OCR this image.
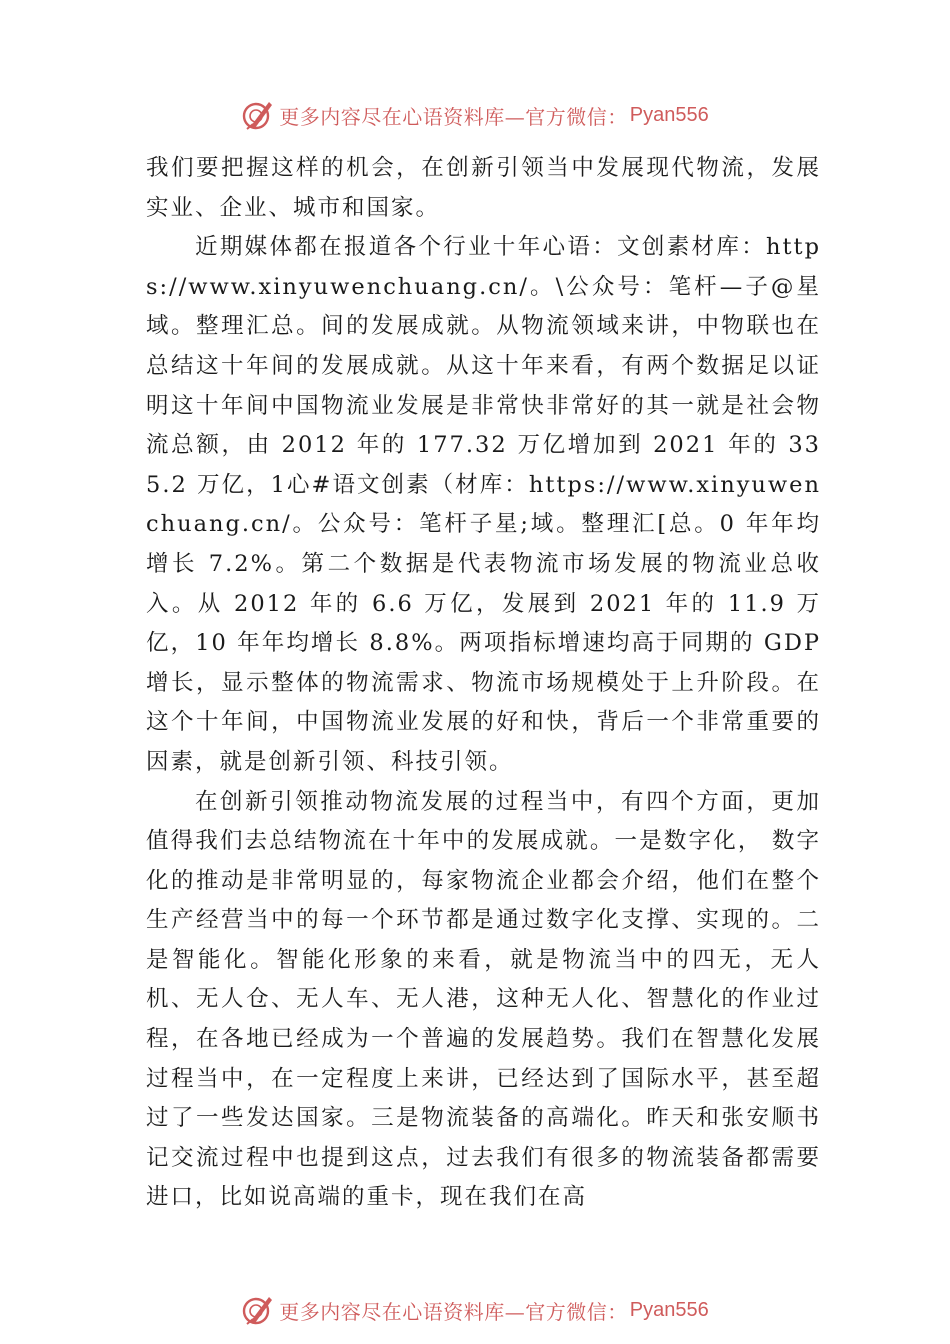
更多内容尽在心语资料库—官方微信： Pyan556

我们要把握这样的机会，在创新引领当中发展现代物流，发展实业、企业、城市和国家。

近期媒体都在报道各个行业十年心语：文创素材库：https://www.xinyuwenchuang.cn/。\公众号：笔杆—子@星域。整理汇总。间的发展成就。从物流领域来讲，中物联也在总结这十年间的发展成就。从这十年来看，有两个数据足以证明这十年间中国物流业发展是非常快非常好的其一就是社会物流总额，由 2012 年的 177.32 万亿增加到 2021 年的 335.2 万亿，1心#语文创素（材库：https://www.xinyuwenchuang.cn/。公众号：笔杆子星;域。整理汇[总。0 年年均增长 7.2%。第二个数据是代表物流市场发展的物流业总收入。从 2012 年的 6.6 万亿，发展到 2021 年的 11.9 万亿，10 年年均增长 8.8%。两项指标增速均高于同期的 GDP 增长，显示整体的物流需求、物流市场规模处于上升阶段。在这个十年间，中国物流业发展的好和快，背后一个非常重要的因素，就是创新引领、科技引领。

在创新引领推动物流发展的过程当中，有四个方面，更加值得我们去总结物流在十年中的发展成就。一是数字化， 数字化的推动是非常明显的，每家物流企业都会介绍，他们在整个生产经营当中的每一个环节都是通过数字化支撑、实现的。二是智能化。智能化形象的来看，就是物流当中的四无，无人机、无人仓、无人车、无人港，这种无人化、智慧化的作业过程，在各地已经成为一个普遍的发展趋势。我们在智慧化发展过程当中，在一定程度上来讲，已经达到了国际水平，甚至超过了一些发达国家。三是物流装备的高端化。昨天和张安顺书记交流过程中也提到这点，过去我们有很多的物流装备都需要进口，比如说高端的重卡，现在我们在高

更多内容尽在心语资料库—官方微信： Pyan556
